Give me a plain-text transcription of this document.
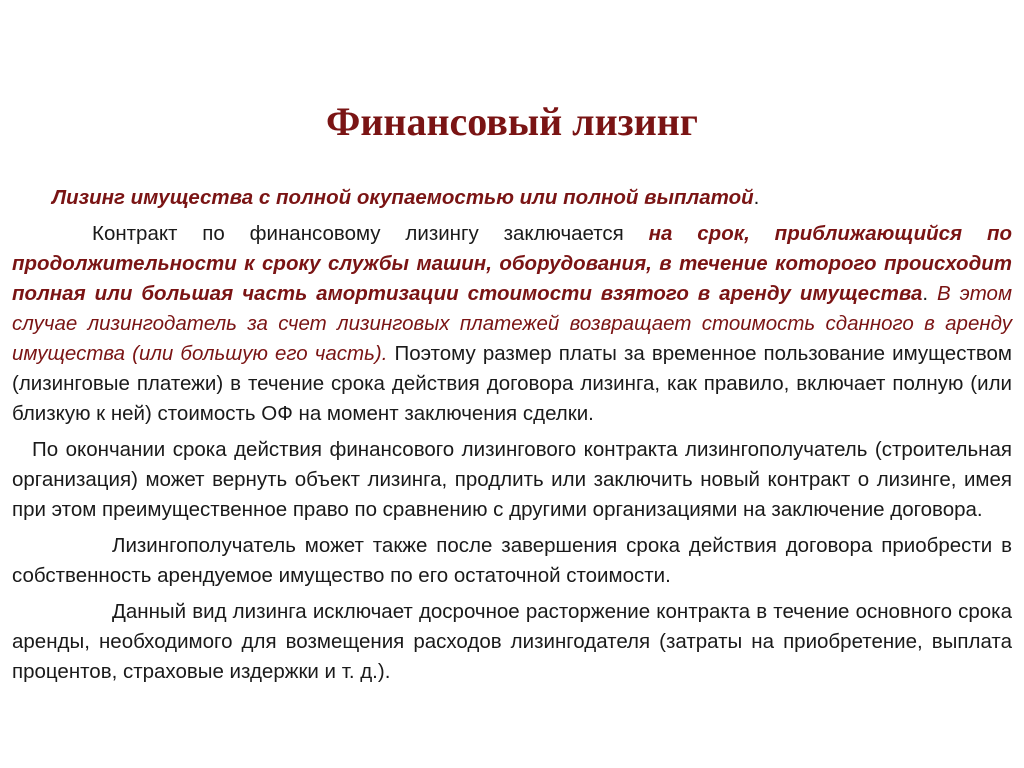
Финансовый лизинг

Лизинг имущества с полной окупаемостью или полной выплатой.

Контракт по финансовому лизингу заключается на срок, приближающийся по продолжительности к сроку службы машин, оборудования, в течение которого происходит полная или большая часть амортизации стоимости взятого в аренду имущества. В этом случае лизингодатель за счет лизинговых платежей возвращает стоимость сданного в аренду имущества (или большую его часть). Поэтому размер платы за временное пользование имуществом (лизинговые платежи) в течение срока действия договора лизинга, как правило, включает полную (или близкую к ней) стоимость ОФ на момент заключения сделки.

По окончании срока действия финансового лизингового контракта лизингополучатель (строительная организация) может вернуть объект лизинга, продлить или заключить новый контракт о лизинге, имея при этом преимущественное право по сравнению с другими организациями на заключение договора.

Лизингополучатель может также после завершения срока действия договора приобрести в собственность арендуемое имущество по его остаточной стоимости.

Данный вид лизинга исключает досрочное расторжение контракта в течение основного срока аренды, необходимого для возмещения расходов лизингодателя (затраты на приобретение, выплата процентов, страховые издержки и т. д.).
